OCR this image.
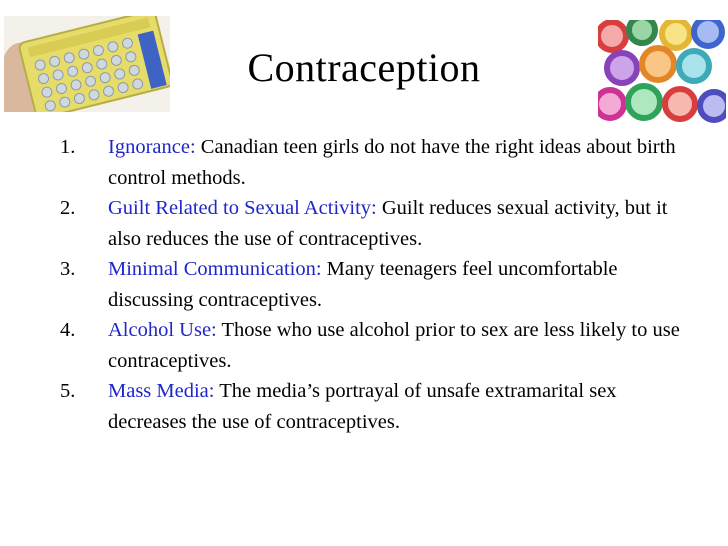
Contraception
1. Ignorance: Canadian teen girls do not have the right ideas about birth control methods.
2. Guilt Related to Sexual Activity: Guilt reduces sexual activity, but it also reduces the use of contraceptives.
3. Minimal Communication: Many teenagers feel uncomfortable discussing contraceptives.
4. Alcohol Use: Those who use alcohol prior to sex are less likely to use contraceptives.
5. Mass Media: The media’s portrayal of unsafe extramarital sex decreases the use of contraceptives.
